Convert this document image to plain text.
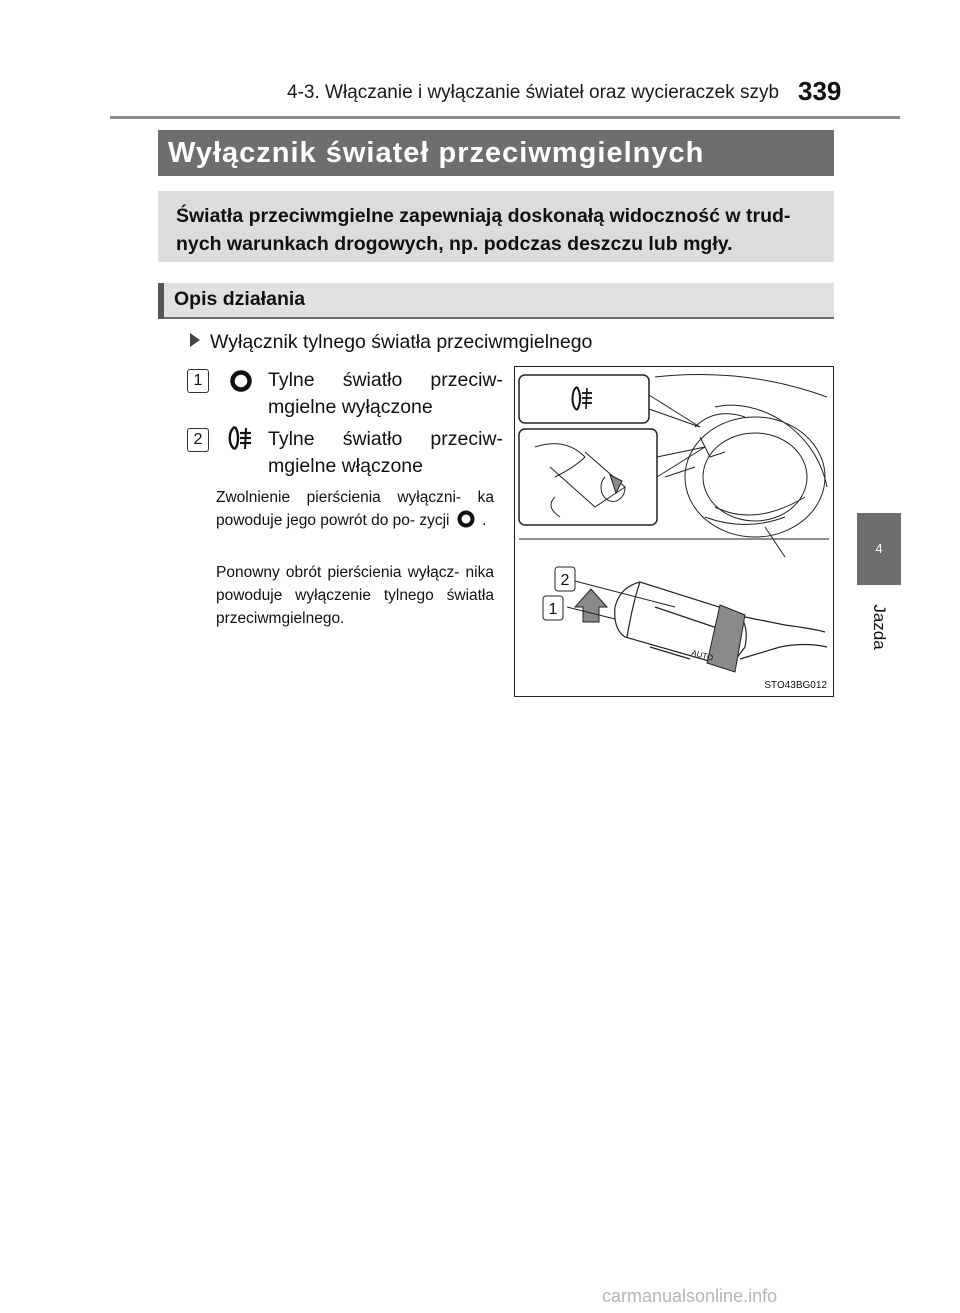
4-3. Włączanie i wyłączanie świateł oraz wycieraczek szyb 339
Wyłącznik świateł przeciwmgielnych

Światła przeciwmgielne zapewniają doskonałą widoczność w trud- nych warunkach drogowych, np. podczas deszczu lub mgły.

Opis działania
Wyłącznik tylnego światła przeciwmgielnego
1	Tylne światło przeciw- mgielne wyłączone
2	Tylne światło przeciw- mgielne włączone
Zwolnienie pierścienia wyłączni- ka powoduje jego powrót do po- zycji .
Ponowny obrót pierścienia wyłącz- nika powoduje wyłączenie tylnego światła przeciwmgielnego.
AUTO
2
1
STO43BG012
4
Jazda
carmanualsonline.info
